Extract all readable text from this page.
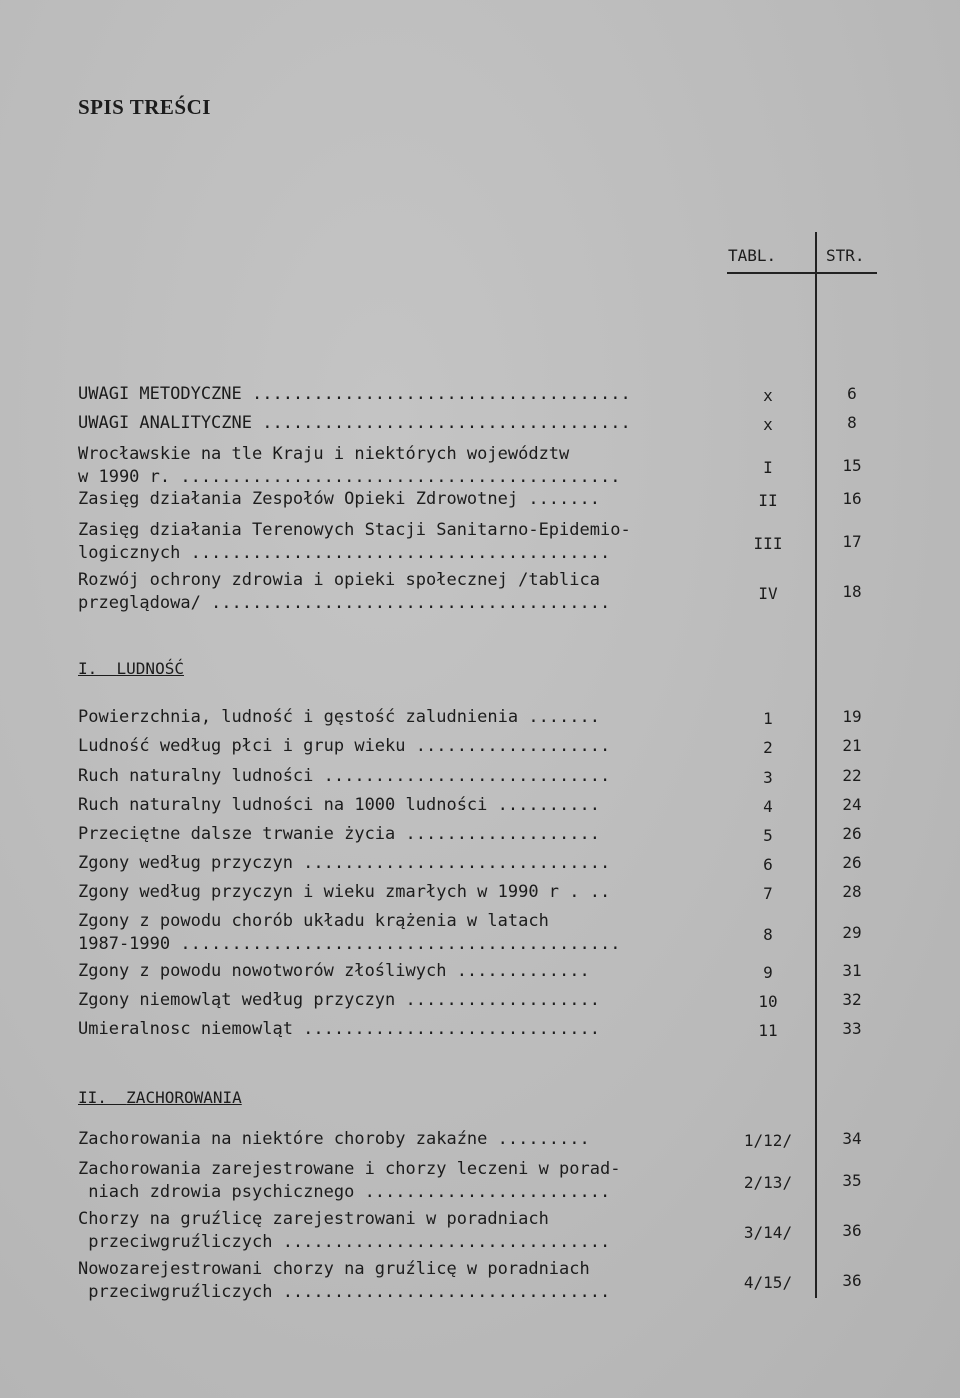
SPIS TREŚCI
TABL.	STR.
UWAGI METODYCZNE .....................................	x	6
UWAGI ANALITYCZNE ....................................	x	8
Wrocławskie na tle Kraju i niektórych województw
w 1990 r. ...........................................	I	15
Zasięg działania Zespołów Opieki Zdrowotnej .......	II	16
Zasięg działania Terenowych Stacji Sanitarno-Epidemio-
logicznych .........................................	III	17
Rozwój ochrony zdrowia i opieki społecznej /tablica
przeglądowa/ .......................................	IV	18
I.  LUDNOŚĆ
Powierzchnia, ludność i gęstość zaludnienia .......	1	19
Ludność według płci i grup wieku ...................	2	21
Ruch naturalny ludności ............................	3	22
Ruch naturalny ludności na 1000 ludności ..........	4	24
Przeciętne dalsze trwanie życia ...................	5	26
Zgony według przyczyn ..............................	6	26
Zgony według przyczyn i wieku zmarłych w 1990 r . ..	7	28
Zgony z powodu chorób układu krążenia w latach
1987-1990 ...........................................	8	29
Zgony z powodu nowotworów złośliwych .............	9	31
Zgony niemowląt według przyczyn ...................	10	32
Umieralnosc niemowląt .............................	11	33
II.  ZACHOROWANIA
Zachorowania na niektóre choroby zakaźne .........	1/12/	34
Zachorowania zarejestrowane i chorzy leczeni w porad-
niach zdrowia psychicznego ........................	2/13/	35
Chorzy na gruźlicę zarejestrowani w poradniach
przeciwgruźliczych ................................	3/14/	36
Nowozarejestrowani chorzy na gruźlicę w poradniach
przeciwgruźliczych ................................	4/15/	36
